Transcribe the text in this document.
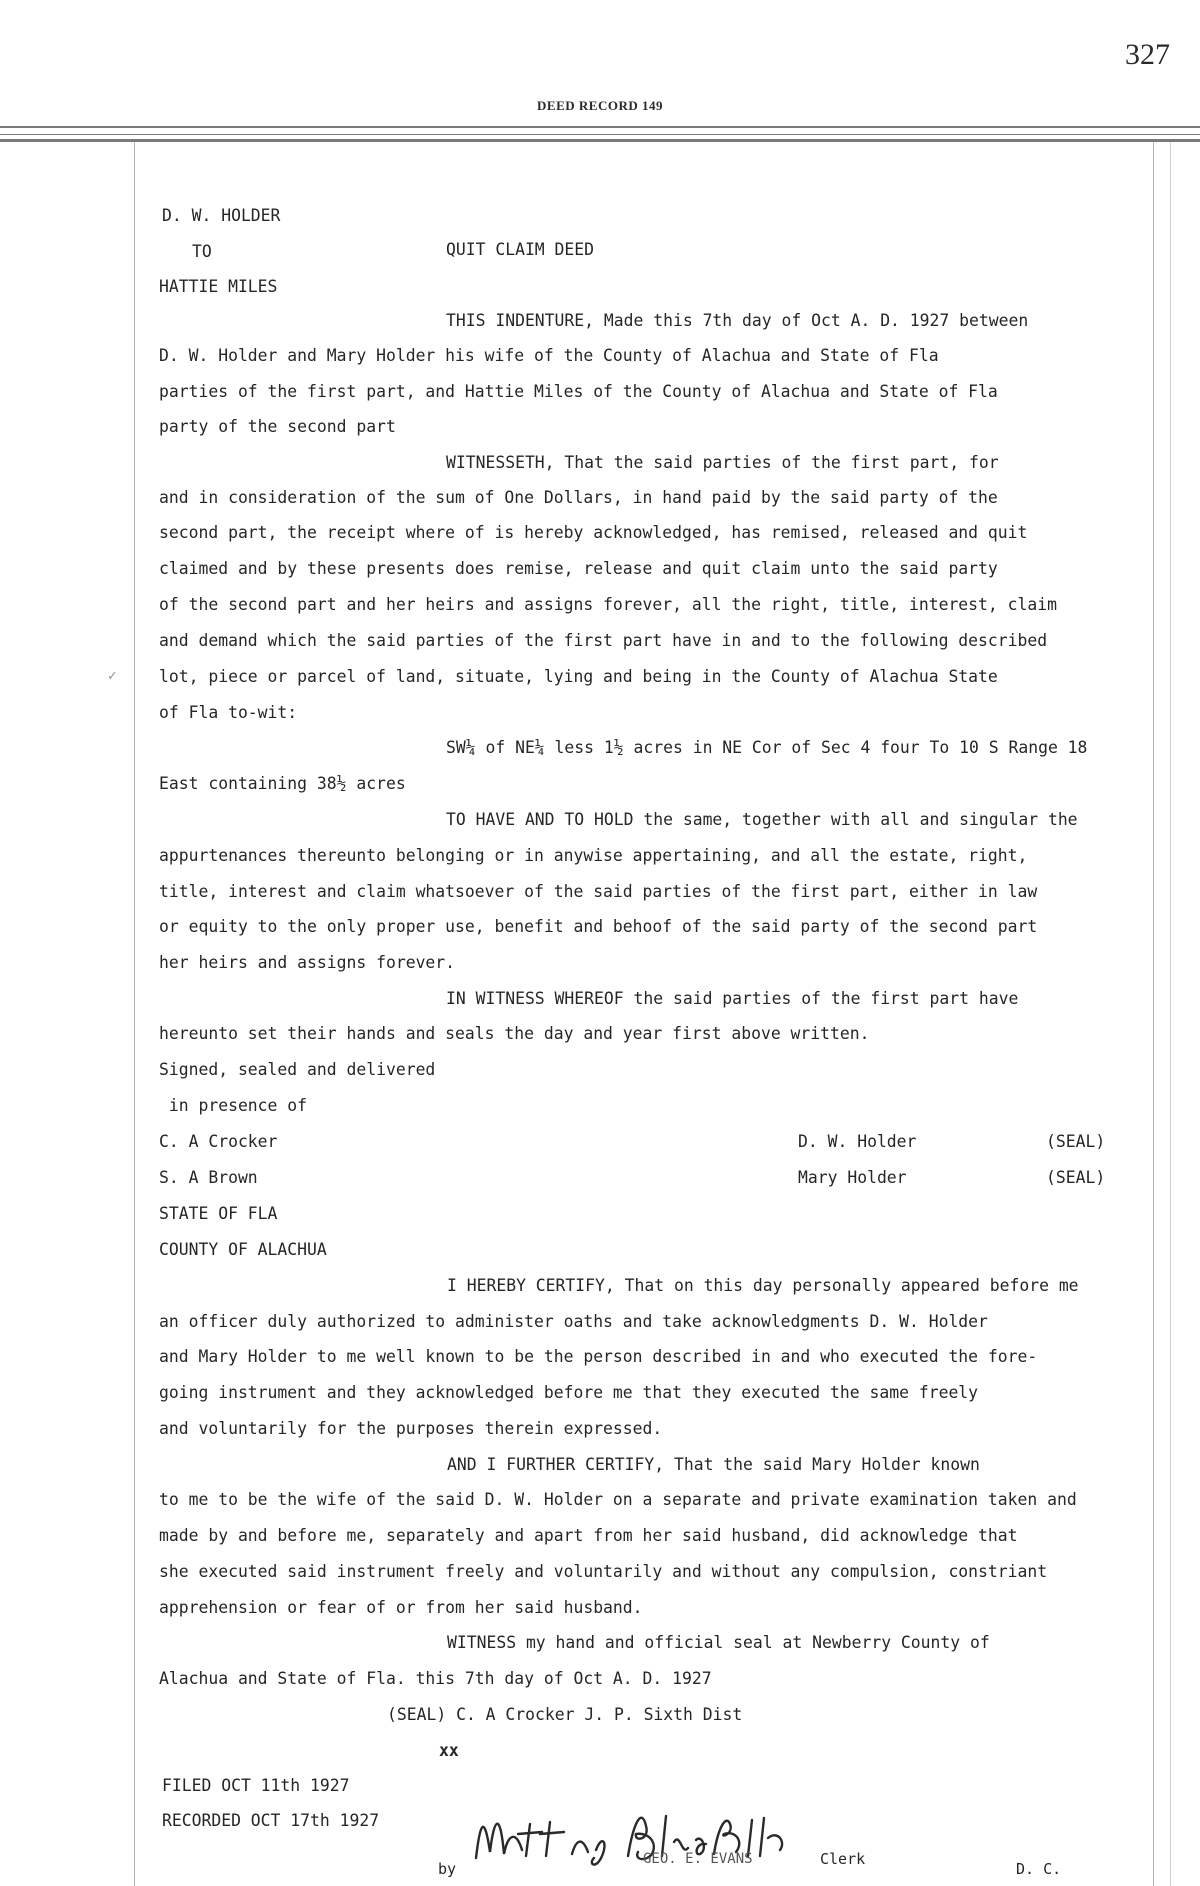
327
DEED RECORD 149
✓
D. W. HOLDER
TO	QUIT CLAIM DEED
HATTIE MILES
THIS INDENTURE, Made this 7th day of Oct A. D. 1927 between
D. W. Holder and Mary Holder his wife of the County of Alachua and State of Fla
parties of the first part, and Hattie Miles of the County of Alachua and State of Fla
party of the second part
WITNESSETH, That the said parties of the first part, for
and in consideration of the sum of One Dollars, in hand paid by the said party of the
second part, the receipt where of is hereby acknowledged, has remised, released and quit
claimed and by these presents does remise, release and quit claim unto the said party
of the second part and her heirs and assigns forever, all the right, title, interest, claim
and demand which the said parties of the first part have in and to the following described
lot, piece or parcel of land, situate, lying and being in the County of Alachua State
of Fla to-wit:
SW¼ of NE¼ less 1½ acres in NE Cor of Sec 4 four To 10 S Range 18
East containing 38½ acres
TO HAVE AND TO HOLD the same, together with all and singular the
appurtenances thereunto belonging or in anywise appertaining, and all the estate, right,
title, interest and claim whatsoever of the said parties of the first part, either in law
or equity to the only proper use, benefit and behoof of the said party of the second part
her heirs and assigns forever.
IN WITNESS WHEREOF the said parties of the first part have
hereunto set their hands and seals the day and year first above written.
Signed, sealed and delivered
in presence of
C. A Crocker
S. A Brown
D. W. Holder
Mary Holder
(SEAL)
(SEAL)
STATE OF FLA
COUNTY OF ALACHUA
I HEREBY CERTIFY, That on this day personally appeared before me
an officer duly authorized to administer oaths and take acknowledgments D. W. Holder
and Mary Holder to me well known to be the person described in and who executed the fore-
going instrument and they acknowledged before me that they executed the same freely
and voluntarily for the purposes therein expressed.
AND I FURTHER CERTIFY, That the said Mary Holder known
to me to be the wife of the said D. W. Holder on a separate and private examination taken and
made by and before me, separately and apart from her said husband, did acknowledge that
she executed said instrument freely and voluntarily and without any compulsion, constriant
apprehension or fear of or from her said husband.
WITNESS my hand and official seal at Newberry County of
Alachua and State of Fla. this 7th day of Oct A. D. 1927
(SEAL) C. A Crocker J. P. Sixth Dist
xx
FILED OCT 11th 1927
RECORDED OCT 17th 1927
by
GEO. E. EVANS	Clerk
D. C.
